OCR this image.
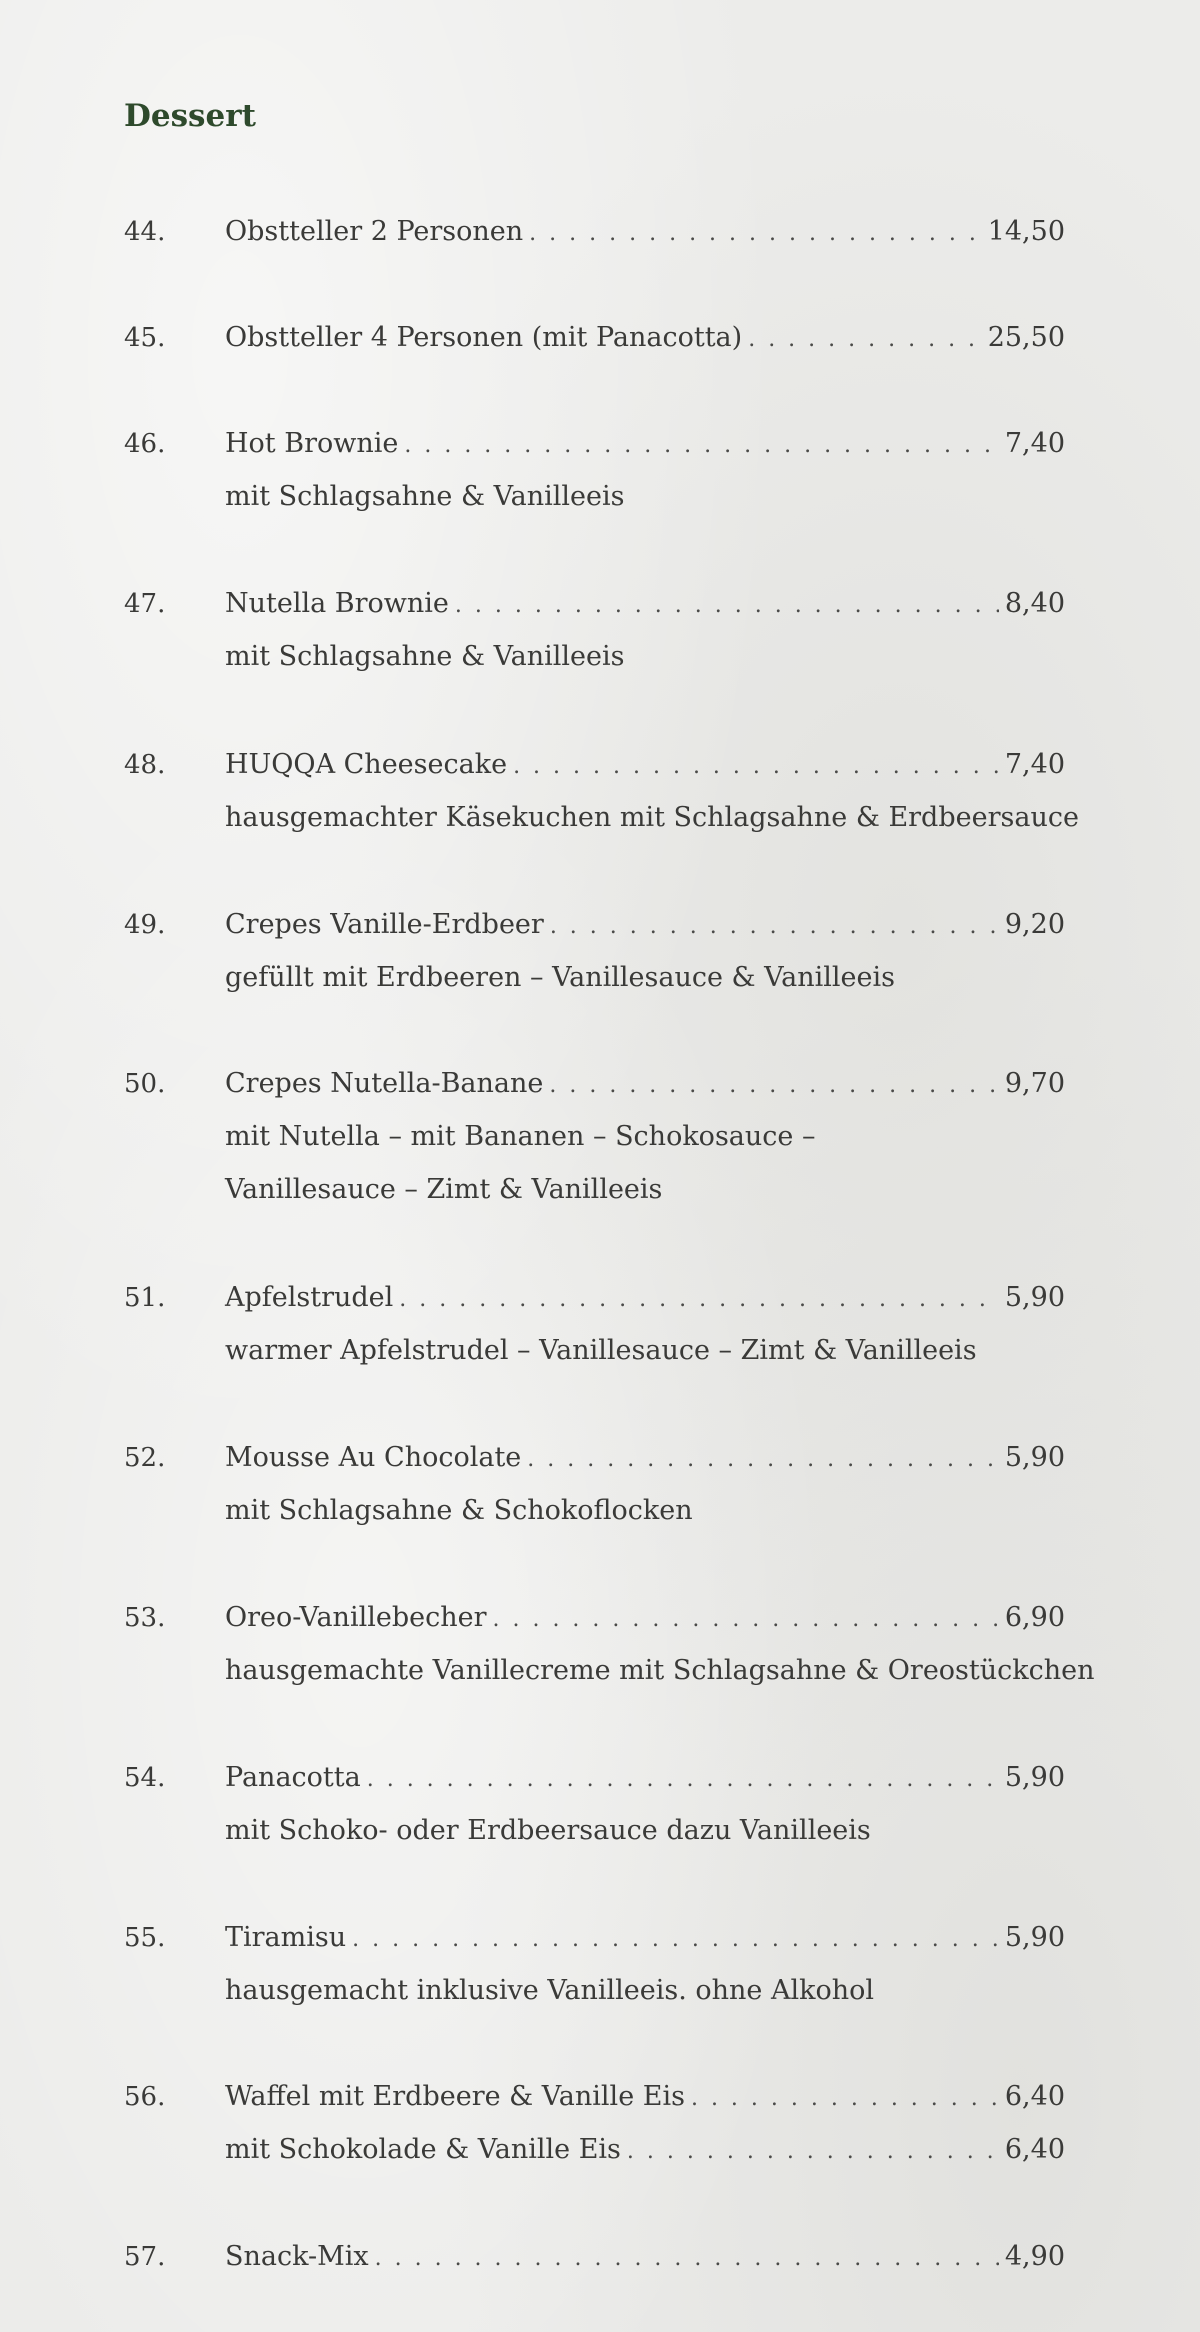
Dessert
44. Obstteller 2 Personen . . .	14,50
45. Obstteller 4 Personen (mit Panacotta) . . .	25,50
46. Hot Brownie . . .	7,40
mit Schlagsahne & Vanilleeis
47. Nutella Brownie . . .	8,40
mit Schlagsahne & Vanilleeis
48. HUQQA Cheesecake . . .	7,40
hausgemachter Käsekuchen mit Schlagsahne & Erdbeersauce
49. Crepes Vanille-Erdbeer . . .	9,20
gefüllt mit Erdbeeren – Vanillesauce & Vanilleeis
50. Crepes Nutella-Banane . . .	9,70
mit Nutella – mit Bananen – Schokosauce –
Vanillesauce – Zimt & Vanilleeis
51. Apfelstrudel . . .	5,90
warmer Apfelstrudel – Vanillesauce – Zimt & Vanilleeis
52. Mousse Au Chocolate . . .	5,90
mit Schlagsahne & Schokoflocken
53. Oreo-Vanillebecher . . .	6,90
hausgemachte Vanillecreme mit Schlagsahne & Oreostückchen
54. Panacotta . . .	5,90
mit Schoko- oder Erdbeersauce dazu Vanilleeis
55. Tiramisu . . .	5,90
hausgemacht inklusive Vanilleeis. ohne Alkohol
56. Waffel mit Erdbeere & Vanille Eis . . .	6,40
mit Schokolade & Vanille Eis . . .	6,40
57. Snack-Mix . . .	4,90
